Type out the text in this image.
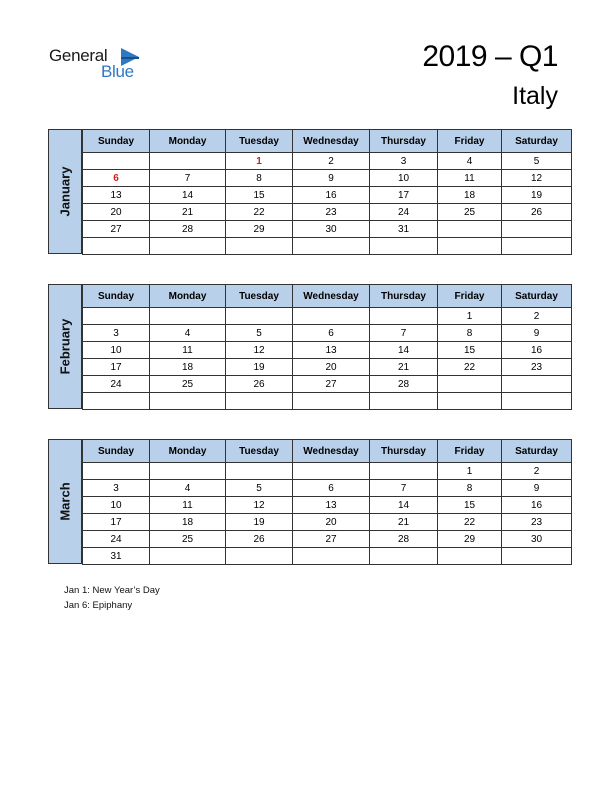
General
Blue	2019 – Q1
Italy
January
Sunday	Monday	Tuesday	Wednesday	Thursday	Friday	Saturday
		1	2	3	4	5
6	7	8	9	10	11	12
13	14	15	16	17	18	19
20	21	22	23	24	25	26
27	28	29	30	31		

February
Sunday	Monday	Tuesday	Wednesday	Thursday	Friday	Saturday
					1	2
3	4	5	6	7	8	9
10	11	12	13	14	15	16
17	18	19	20	21	22	23
24	25	26	27	28		

March
Sunday	Monday	Tuesday	Wednesday	Thursday	Friday	Saturday
					1	2
3	4	5	6	7	8	9
10	11	12	13	14	15	16
17	18	19	20	21	22	23
24	25	26	27	28	29	30
31						
Jan 1: New Year’s Day
Jan 6: Epiphany
